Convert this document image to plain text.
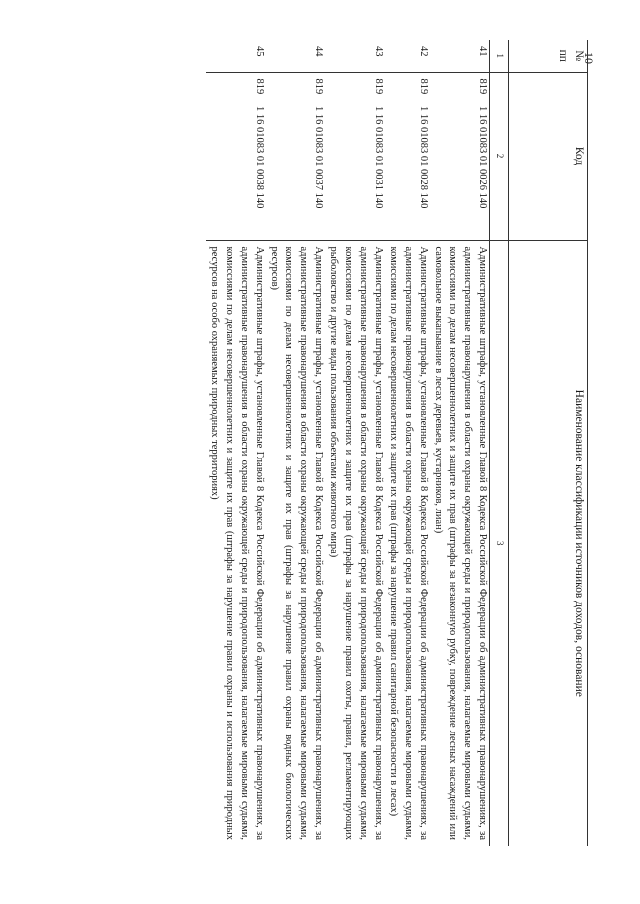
10
№ пп	Код		Наименование классификации источников доходов, основание
1	2		3
41	819	1 16 01083 01 0026 140	Административные штрафы, установленные Главой 8 Кодекса Российской Федерации об административных правонарушениях, за административные правонарушения в области охраны окружающей среды и природопользования, налагаемые мировыми судьями, комиссиями по делам несовершеннолетних и защите их прав (штрафы за незаконную рубку, повреждение лесных насаждений или самовольное выкапывание в лесах деревьев, кустарников, лиан)

42	819	1 16 01083 01 0028 140	Административные штрафы, установленные Главой 8 Кодекса Российской Федерации об административных правонарушениях, за административные правонарушения в области охраны окружающей среды и природопользования, налагаемые мировыми судьями, комиссиями по делам несовершеннолетних и защите их прав (штрафы за нарушение правил санитарной безопасности в лесах)

43	819	1 16 01083 01 0031 140	Административные штрафы, установленные Главой 8 Кодекса Российской Федерации об административных правонарушениях, за административные правонарушения в области охраны окружающей среды и природопользования, налагаемые мировыми судьями, комиссиями по делам несовершеннолетних и защите их прав (штрафы за нарушение правил охоты, правил, регламентирующих рыболовство и другие виды пользования объектами животного мира)

44	819	1 16 01083 01 0037 140	Административные штрафы, установленные Главой 8 Кодекса Российской Федерации об административных правонарушениях, за административные правонарушения в области охраны окружающей среды и природопользования, налагаемые мировыми судьями, комиссиями по делам несовершеннолетних и защите их прав (штрафы за нарушение правил охраны водных биологических ресурсов)

45	819	1 16 01083 01 0038 140	Административные штрафы, установленные Главой 8 Кодекса Российской Федерации об административных правонарушениях, за административные правонарушения в области охраны окружающей среды и природопользования, налагаемые мировыми судьями, комиссиями по делам несовершеннолетних и защите их прав (штрафы за нарушение правил охраны и использования природных ресурсов на особо охраняемых природных территориях)
